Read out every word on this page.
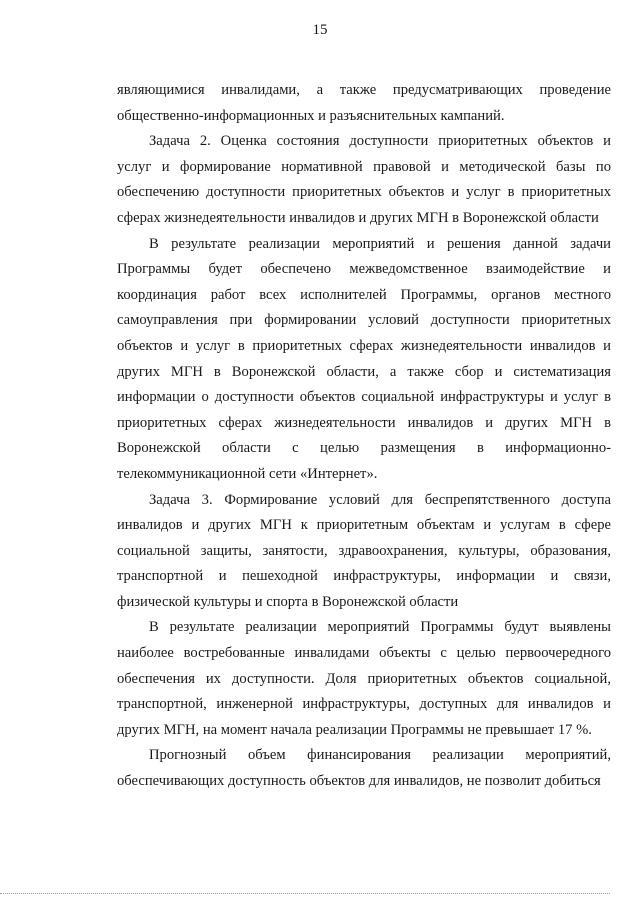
15

являющимися инвалидами, а также предусматривающих проведение

общественно-информационных и разъяснительных кампаний.

Задача 2. Оценка состояния доступности приоритетных объектов и

услуг и формирование нормативной правовой и методической базы по

обеспечению доступности приоритетных объектов и услуг в приоритетных

сферах жизнедеятельности инвалидов и других МГН в Воронежской области

В результате реализации мероприятий и решения данной задачи

Программы будет обеспечено межведомственное взаимодействие и

координация работ всех исполнителей Программы, органов местного

самоуправления при формировании условий доступности приоритетных

объектов и услуг в приоритетных сферах жизнедеятельности инвалидов и

других МГН в Воронежской области, а также сбор и систематизация

информации о доступности объектов социальной инфраструктуры и услуг в

приоритетных сферах жизнедеятельности инвалидов и других МГН в

Воронежской области с целью размещения в информационно-

телекоммуникационной сети «Интернет».

Задача 3. Формирование условий для беспрепятственного доступа

инвалидов и других МГН к приоритетным объектам и услугам в сфере

социальной защиты, занятости, здравоохранения, культуры, образования,

транспортной и пешеходной инфраструктуры, информации и связи,

физической культуры и спорта в Воронежской области

В результате реализации мероприятий Программы будут выявлены

наиболее востребованные инвалидами объекты с целью первоочередного

обеспечения их доступности. Доля приоритетных объектов социальной,

транспортной, инженерной инфраструктуры, доступных для инвалидов и

других МГН, на момент начала реализации Программы не превышает 17 %.

Прогнозный объем финансирования реализации мероприятий,

обеспечивающих доступность объектов для инвалидов, не позволит добиться
